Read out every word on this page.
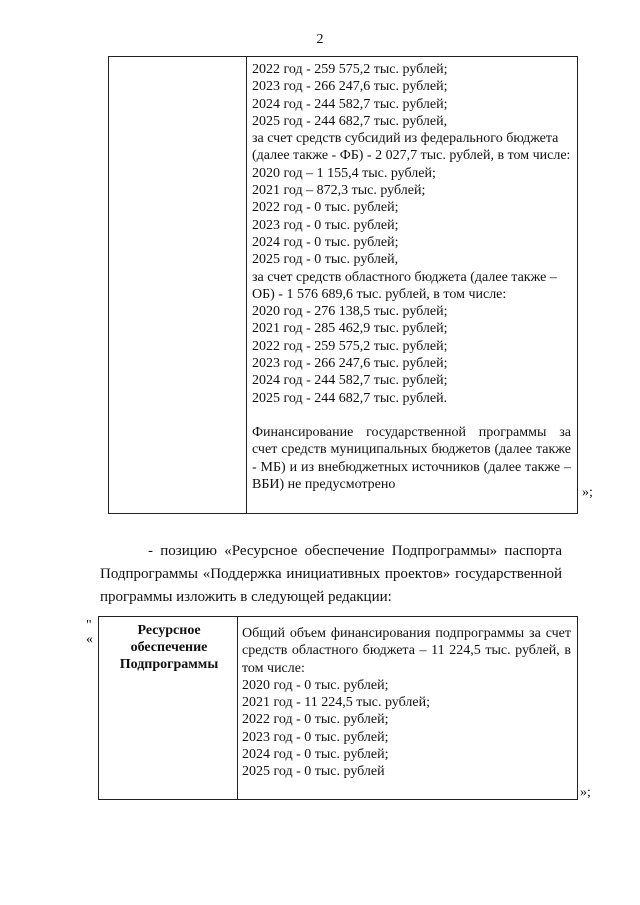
2
2022 год - 259 575,2 тыс. рублей;
2023 год - 266 247,6 тыс. рублей;
2024 год - 244 582,7 тыс. рублей;
2025 год - 244 682,7 тыс. рублей,
за счет средств субсидий из федерального бюджета
(далее также - ФБ) - 2 027,7 тыс. рублей, в том числе:
2020 год – 1 155,4 тыс. рублей;
2021 год – 872,3 тыс. рублей;
2022 год - 0 тыс. рублей;
2023 год - 0 тыс. рублей;
2024 год - 0 тыс. рублей;
2025 год - 0 тыс. рублей,
за счет средств областного бюджета (далее также –
ОБ) - 1 576 689,6 тыс. рублей, в том числе:
2020 год - 276 138,5 тыс. рублей;
2021 год - 285 462,9 тыс. рублей;
2022 год - 259 575,2 тыс. рублей;
2023 год - 266 247,6 тыс. рублей;
2024 год - 244 582,7 тыс. рублей;
2025 год - 244 682,7 тыс. рублей.
Финансирование государственной программы за счет средств муниципальных бюджетов (далее также - МБ) и из внебюджетных источников (далее также – ВБИ) не предусмотрено
»;
- позицию «Ресурсное обеспечение Подпрограммы» паспорта Подпрограммы «Поддержка инициативных проектов» государственной программы изложить в следующей редакции:
"
«
Ресурсное обеспечение Подпрограммы
Общий объем финансирования подпрограммы за счет средств областного бюджета – 11 224,5 тыс. рублей, в том числе:
2020 год - 0 тыс. рублей;
2021 год - 11 224,5 тыс. рублей;
2022 год - 0 тыс. рублей;
2023 год - 0 тыс. рублей;
2024 год - 0 тыс. рублей;
2025 год - 0 тыс. рублей
»;
